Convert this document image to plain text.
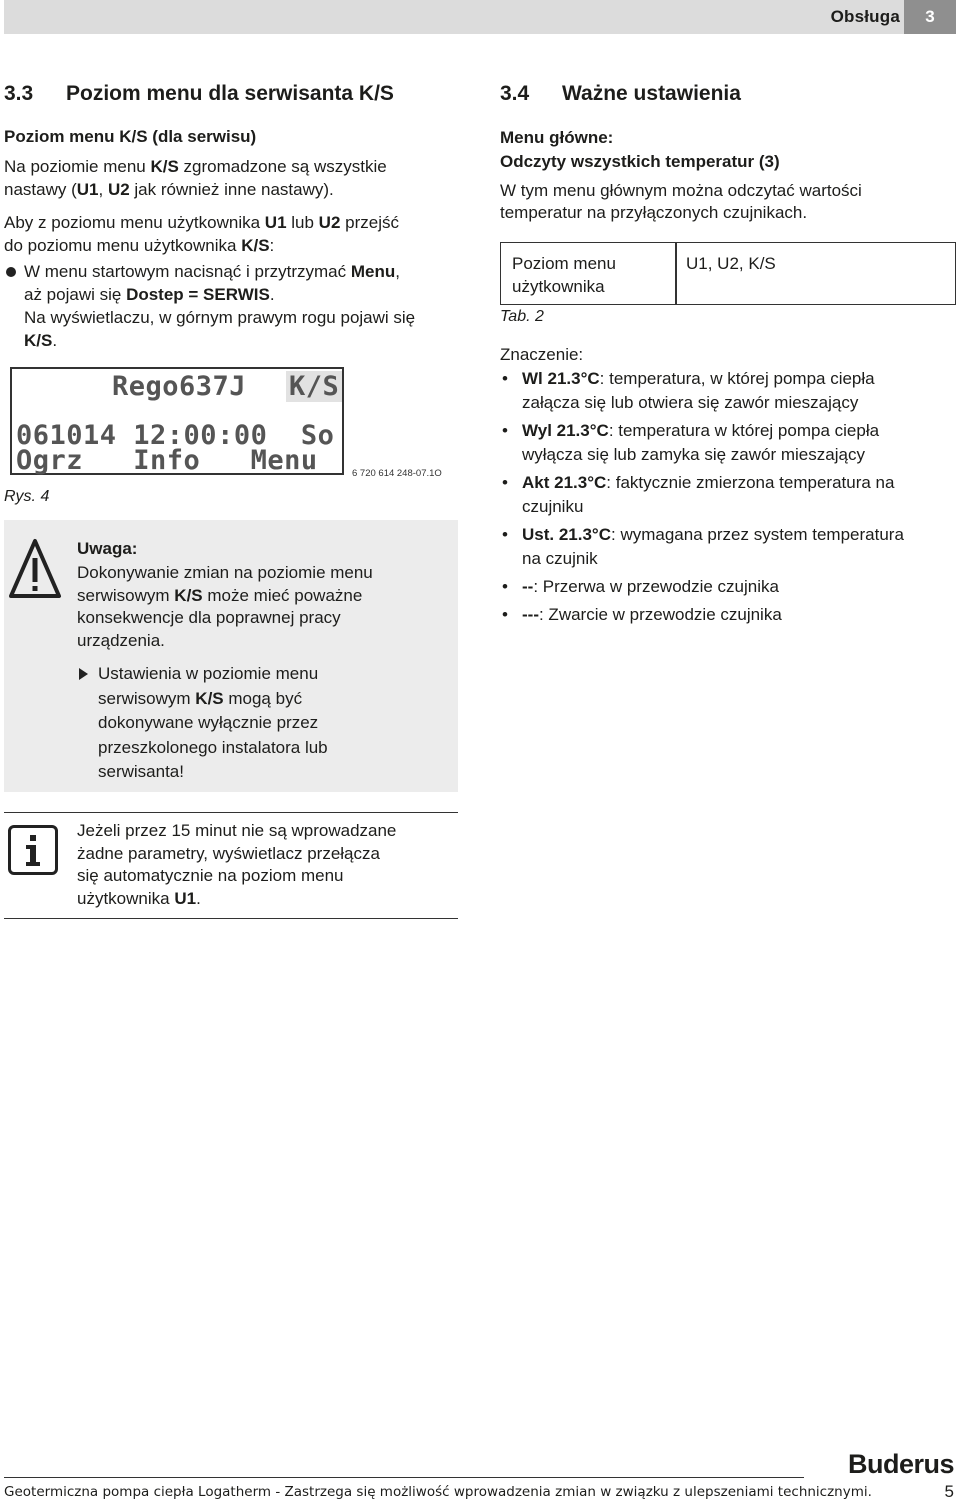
Obsługa	3
3.3 Poziom menu dla serwisanta K/S
Poziom menu K/S (dla serwisu)
Na poziomie menu K/S zgromadzone są wszystkie
nastawy (U1, U2 jak również inne nastawy).
Aby z poziomu menu użytkownika U1 lub U2 przejść
do poziomu menu użytkownika K/S:
W menu startowym nacisnąć i przytrzymać Menu,
aż pojawi się Dostep = SERWIS.
Na wyświetlaczu, w górnym prawym rogu pojawi się
K/S.
Rego637J K/S
061014 12:00:00  So
Ogrz   Info   Menu	6 720 614 248-07.1O
Rys. 4
Uwaga:
Dokonywanie zmian na poziomie menu
serwisowym K/S może mieć poważne
konsekwencje dla poprawnej pracy
urządzenia.
Ustawienia w poziomie menu
serwisowym K/S mogą być
dokonywane wyłącznie przez
przeszkolonego instalatora lub
serwisanta!
Jeżeli przez 15 minut nie są wprowadzane
żadne parametry, wyświetlacz przełącza
się automatycznie na poziom menu
użytkownika U1.
3.4 Ważne ustawienia
Menu główne:
Odczyty wszystkich temperatur (3)
W tym menu głównym można odczytać wartości
temperatur na przyłączonych czujnikach.
Poziom menu
użytkownika
U1, U2, K/S
Tab. 2
Znaczenie:
• Wl 21.3°C: temperatura, w której pompa ciepła
załącza się lub otwiera się zawór mieszający
• Wyl 21.3°C: temperatura w której pompa ciepła
wyłącza się lub zamyka się zawór mieszający
• Akt 21.3°C: faktycznie zmierzona temperatura na
czujniku
• Ust. 21.3°C: wymagana przez system temperatura
na czujnik
• --: Przerwa w przewodzie czujnika
• ---: Zwarcie w przewodzie czujnika
Buderus
Geotermiczna pompa ciepła Logatherm - Zastrzega się możliwość wprowadzenia zmian w związku z ulepszeniami technicznymi.	5
